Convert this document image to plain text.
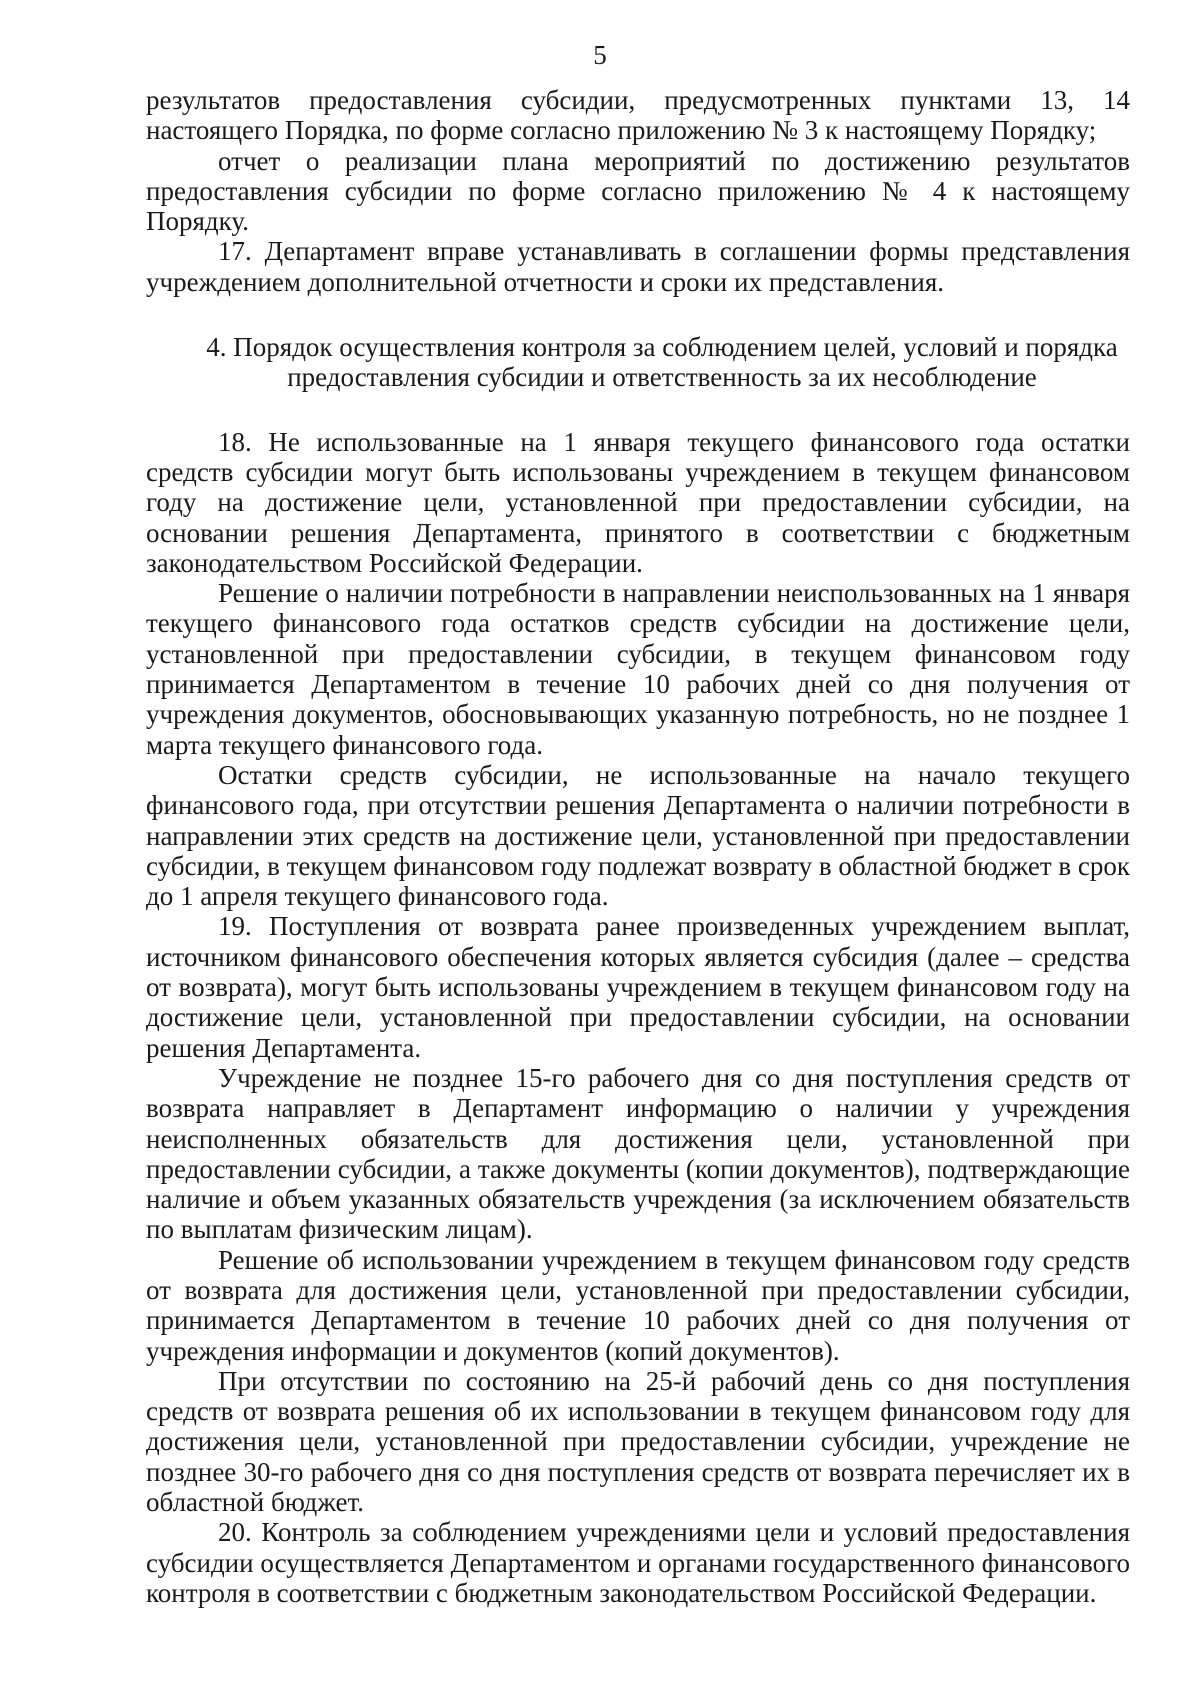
5

результатов предоставления субсидии, предусмотренных пунктами 13, 14 настоящего Порядка, по форме согласно приложению № 3 к настоящему Порядку;

отчет о реализации плана мероприятий по достижению результатов предоставления субсидии по форме согласно приложению № 4 к настоящему Порядку.

17. Департамент вправе устанавливать в соглашении формы представления учреждением дополнительной отчетности и сроки их представления.

4. Порядок осуществления контроля за соблюдением целей, условий и порядка
предоставления субсидии и ответственность за их несоблюдение

18. Не использованные на 1 января текущего финансового года остатки средств субсидии могут быть использованы учреждением в текущем финансовом году на достижение цели, установленной при предоставлении субсидии, на основании решения Департамента, принятого в соответствии с бюджетным законодательством Российской Федерации.

Решение о наличии потребности в направлении неиспользованных на 1 января текущего финансового года остатков средств субсидии на достижение цели, установленной при предоставлении субсидии, в текущем финансовом году принимается Департаментом в течение 10 рабочих дней со дня получения от учреждения документов, обосновывающих указанную потребность, но не позднее 1 марта текущего финансового года.

Остатки средств субсидии, не использованные на начало текущего финансового года, при отсутствии решения Департамента о наличии потребности в направлении этих средств на достижение цели, установленной при предоставлении субсидии, в текущем финансовом году подлежат возврату в областной бюджет в срок до 1 апреля текущего финансового года.

19. Поступления от возврата ранее произведенных учреждением выплат, источником финансового обеспечения которых является субсидия (далее – средства от возврата), могут быть использованы учреждением в текущем финансовом году на достижение цели, установленной при предоставлении субсидии, на основании решения Департамента.

Учреждение не позднее 15-го рабочего дня со дня поступления средств от возврата направляет в Департамент информацию о наличии у учреждения неисполненных обязательств для достижения цели, установленной при предоставлении субсидии, а также документы (копии документов), подтверждающие наличие и объем указанных обязательств учреждения (за исключением обязательств по выплатам физическим лицам).

Решение об использовании учреждением в текущем финансовом году средств от возврата для достижения цели, установленной при предоставлении субсидии, принимается Департаментом в течение 10 рабочих дней со дня получения от учреждения информации и документов (копий документов).

При отсутствии по состоянию на 25-й рабочий день со дня поступления средств от возврата решения об их использовании в текущем финансовом году для достижения цели, установленной при предоставлении субсидии, учреждение не позднее 30-го рабочего дня со дня поступления средств от возврата перечисляет их в областной бюджет.

20. Контроль за соблюдением учреждениями цели и условий предоставления субсидии осуществляется Департаментом и органами государственного финансового контроля в соответствии с бюджетным законодательством Российской Федерации.
